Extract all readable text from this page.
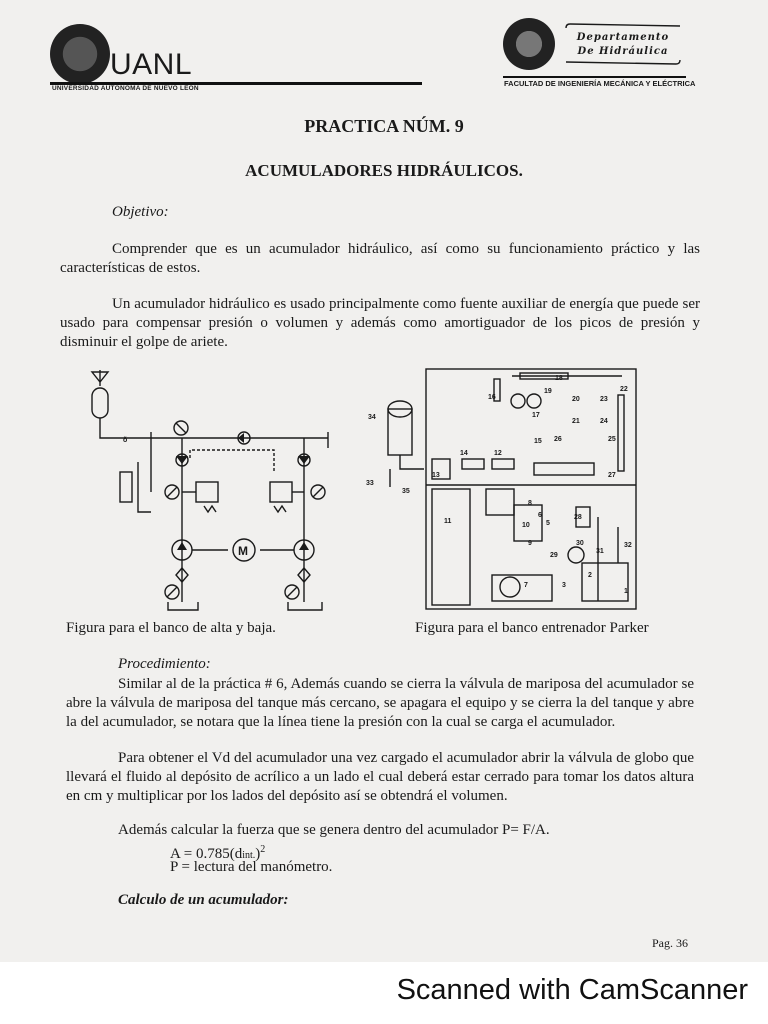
UANL
UNIVERSIDAD AUTÓNOMA DE NUEVO LEÓN
Departamento
De Hidráulica
FACULTAD DE INGENIERÍA MECÁNICA Y ELÉCTRICA
PRACTICA NÚM. 9
ACUMULADORES HIDRÁULICOS.
Objetivo:
Comprender que es un acumulador hidráulico, así como su funcionamiento práctico y las características de estos.
Un acumulador hidráulico es usado principalmente como fuente auxiliar de energía que puede ser usado para compensar presión o volumen y además como amortiguador de los picos de presión y disminuir el golpe de ariete.
ǒ
M
18
19	22
16
17
20	23
21	24
25
26
15
27
14	12
13
34
33
35
11
10
9
8
6
5
28
30
29
31
32
2
3
7
1
Figura para el banco de alta y baja.	Figura para el banco entrenador Parker
Procedimiento:
Similar al de la práctica # 6, Además cuando se cierra la válvula de mariposa del acumulador se abre la válvula de mariposa del tanque más cercano, se apagara el equipo y se cierra la del tanque y abre la del acumulador, se notara que la línea tiene la presión con la cual se carga el acumulador.
Para obtener el Vd del acumulador una vez cargado el acumulador abrir la válvula de globo que llevará el fluido al depósito de acrílico a un lado el cual deberá estar cerrado para tomar los datos altura en cm y multiplicar por los lados del depósito así se obtendrá el volumen.
Además calcular la fuerza que se genera dentro del acumulador P= F/A.
A = 0.785(dint.)$^2$
P = lectura del manómetro.
Calculo de un acumulador:
Pag. 36
Scanned with CamScanner
